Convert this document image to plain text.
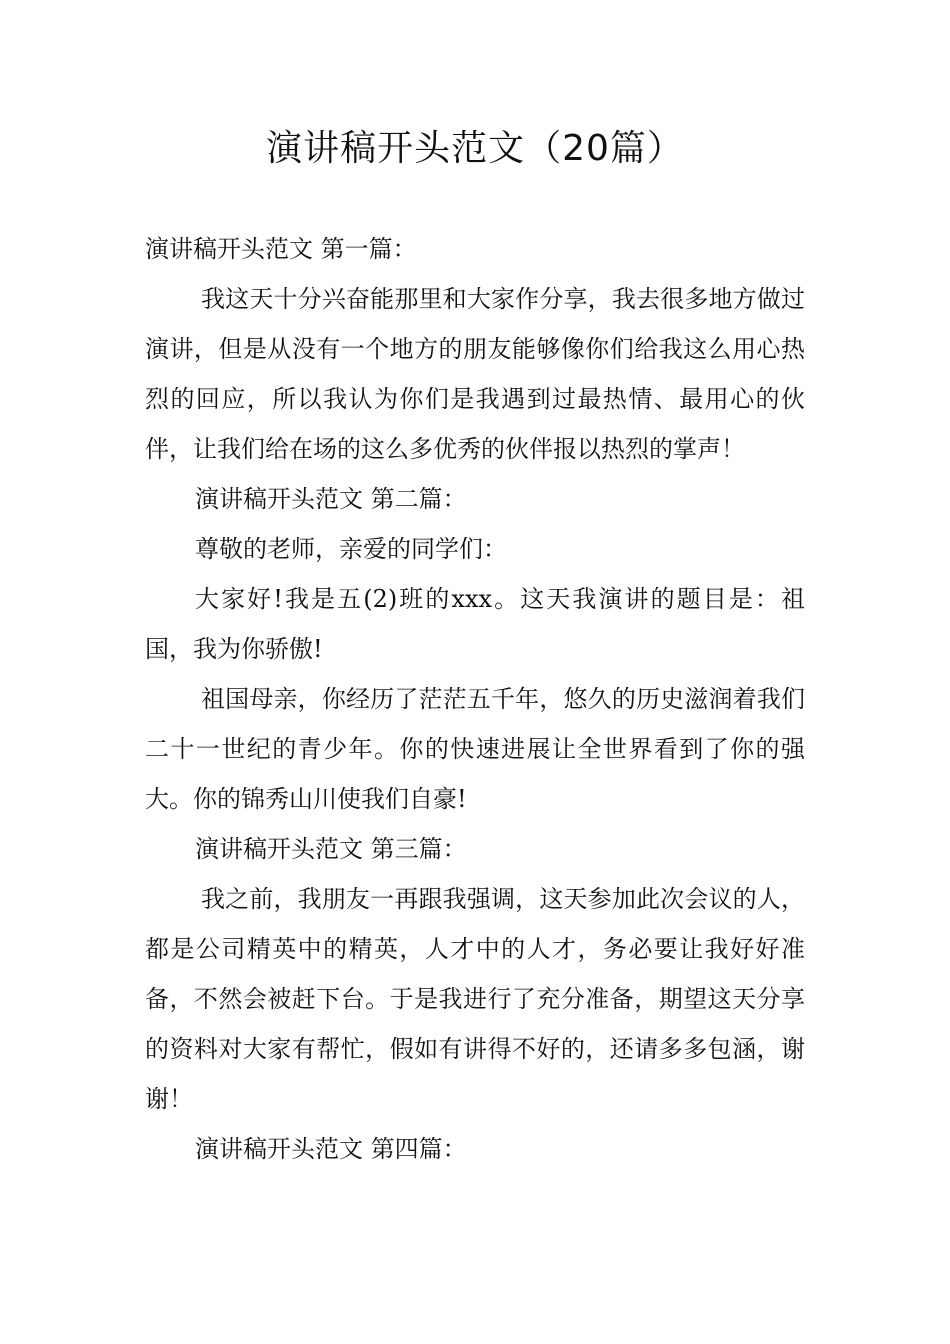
演讲稿开头范文（20篇）

演讲稿开头范文 第一篇：

我这天十分兴奋能那里和大家作分享，我去很多地方做过演讲，但是从没有一个地方的朋友能够像你们给我这么用心热烈的回应，所以我认为你们是我遇到过最热情、最用心的伙伴，让我们给在场的这么多优秀的伙伴报以热烈的掌声！

演讲稿开头范文 第二篇：

尊敬的老师，亲爱的同学们：

大家好!我是五(2)班的xxx。这天我演讲的题目是：祖国，我为你骄傲!

祖国母亲，你经历了茫茫五千年，悠久的历史滋润着我们二十一世纪的青少年。你的快速进展让全世界看到了你的强大。你的锦秀山川使我们自豪!

演讲稿开头范文 第三篇：

我之前，我朋友一再跟我强调，这天参加此次会议的人，都是公司精英中的精英，人才中的人才，务必要让我好好准备，不然会被赶下台。于是我进行了充分准备，期望这天分享的资料对大家有帮忙，假如有讲得不好的，还请多多包涵，谢谢！

演讲稿开头范文 第四篇：
